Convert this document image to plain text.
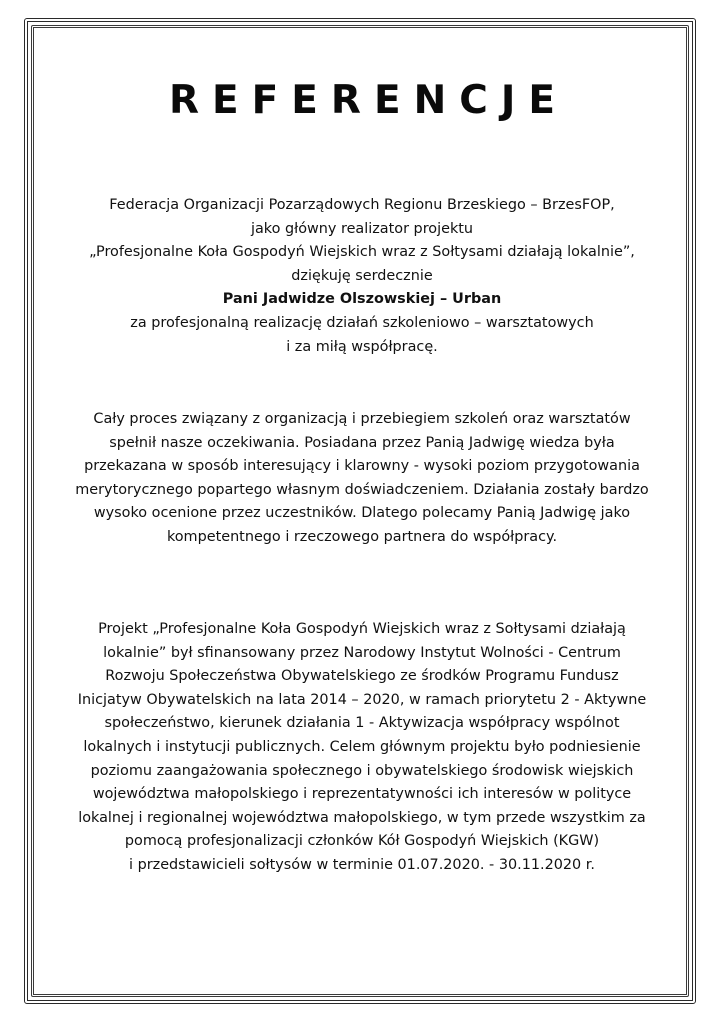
REFERENCJE
Federacja Organizacji Pozarządowych Regionu Brzeskiego – BrzesFOP,
jako główny realizator projektu
„Profesjonalne Koła Gospodyń Wiejskich wraz z Sołtysami działają lokalnie”,
dziękuję serdecznie
Pani Jadwidze Olszowskiej – Urban
za profesjonalną realizację działań szkoleniowo – warsztatowych
i za miłą współpracę.
Cały proces związany z organizacją i przebiegiem szkoleń oraz warsztatów
spełnił nasze oczekiwania. Posiadana przez Panią Jadwigę wiedza była
przekazana w sposób interesujący i klarowny - wysoki poziom przygotowania
merytorycznego popartego własnym doświadczeniem. Działania zostały bardzo
wysoko ocenione przez uczestników. Dlatego polecamy Panią Jadwigę jako
kompetentnego i rzeczowego partnera do współpracy.
Projekt „Profesjonalne Koła Gospodyń Wiejskich wraz z Sołtysami działają
lokalnie” był sfinansowany przez Narodowy Instytut Wolności - Centrum
Rozwoju Społeczeństwa Obywatelskiego ze środków Programu Fundusz
Inicjatyw Obywatelskich na lata 2014 – 2020, w ramach priorytetu 2 - Aktywne
społeczeństwo, kierunek działania 1 - Aktywizacja współpracy wspólnot
lokalnych i instytucji publicznych. Celem głównym projektu było podniesienie
poziomu zaangażowania społecznego i obywatelskiego środowisk wiejskich
województwa małopolskiego i reprezentatywności ich interesów w polityce
lokalnej i regionalnej województwa małopolskiego, w tym przede wszystkim za
pomocą profesjonalizacji członków Kół Gospodyń Wiejskich (KGW)
i przedstawicieli sołtysów w terminie 01.07.2020. - 30.11.2020 r.
